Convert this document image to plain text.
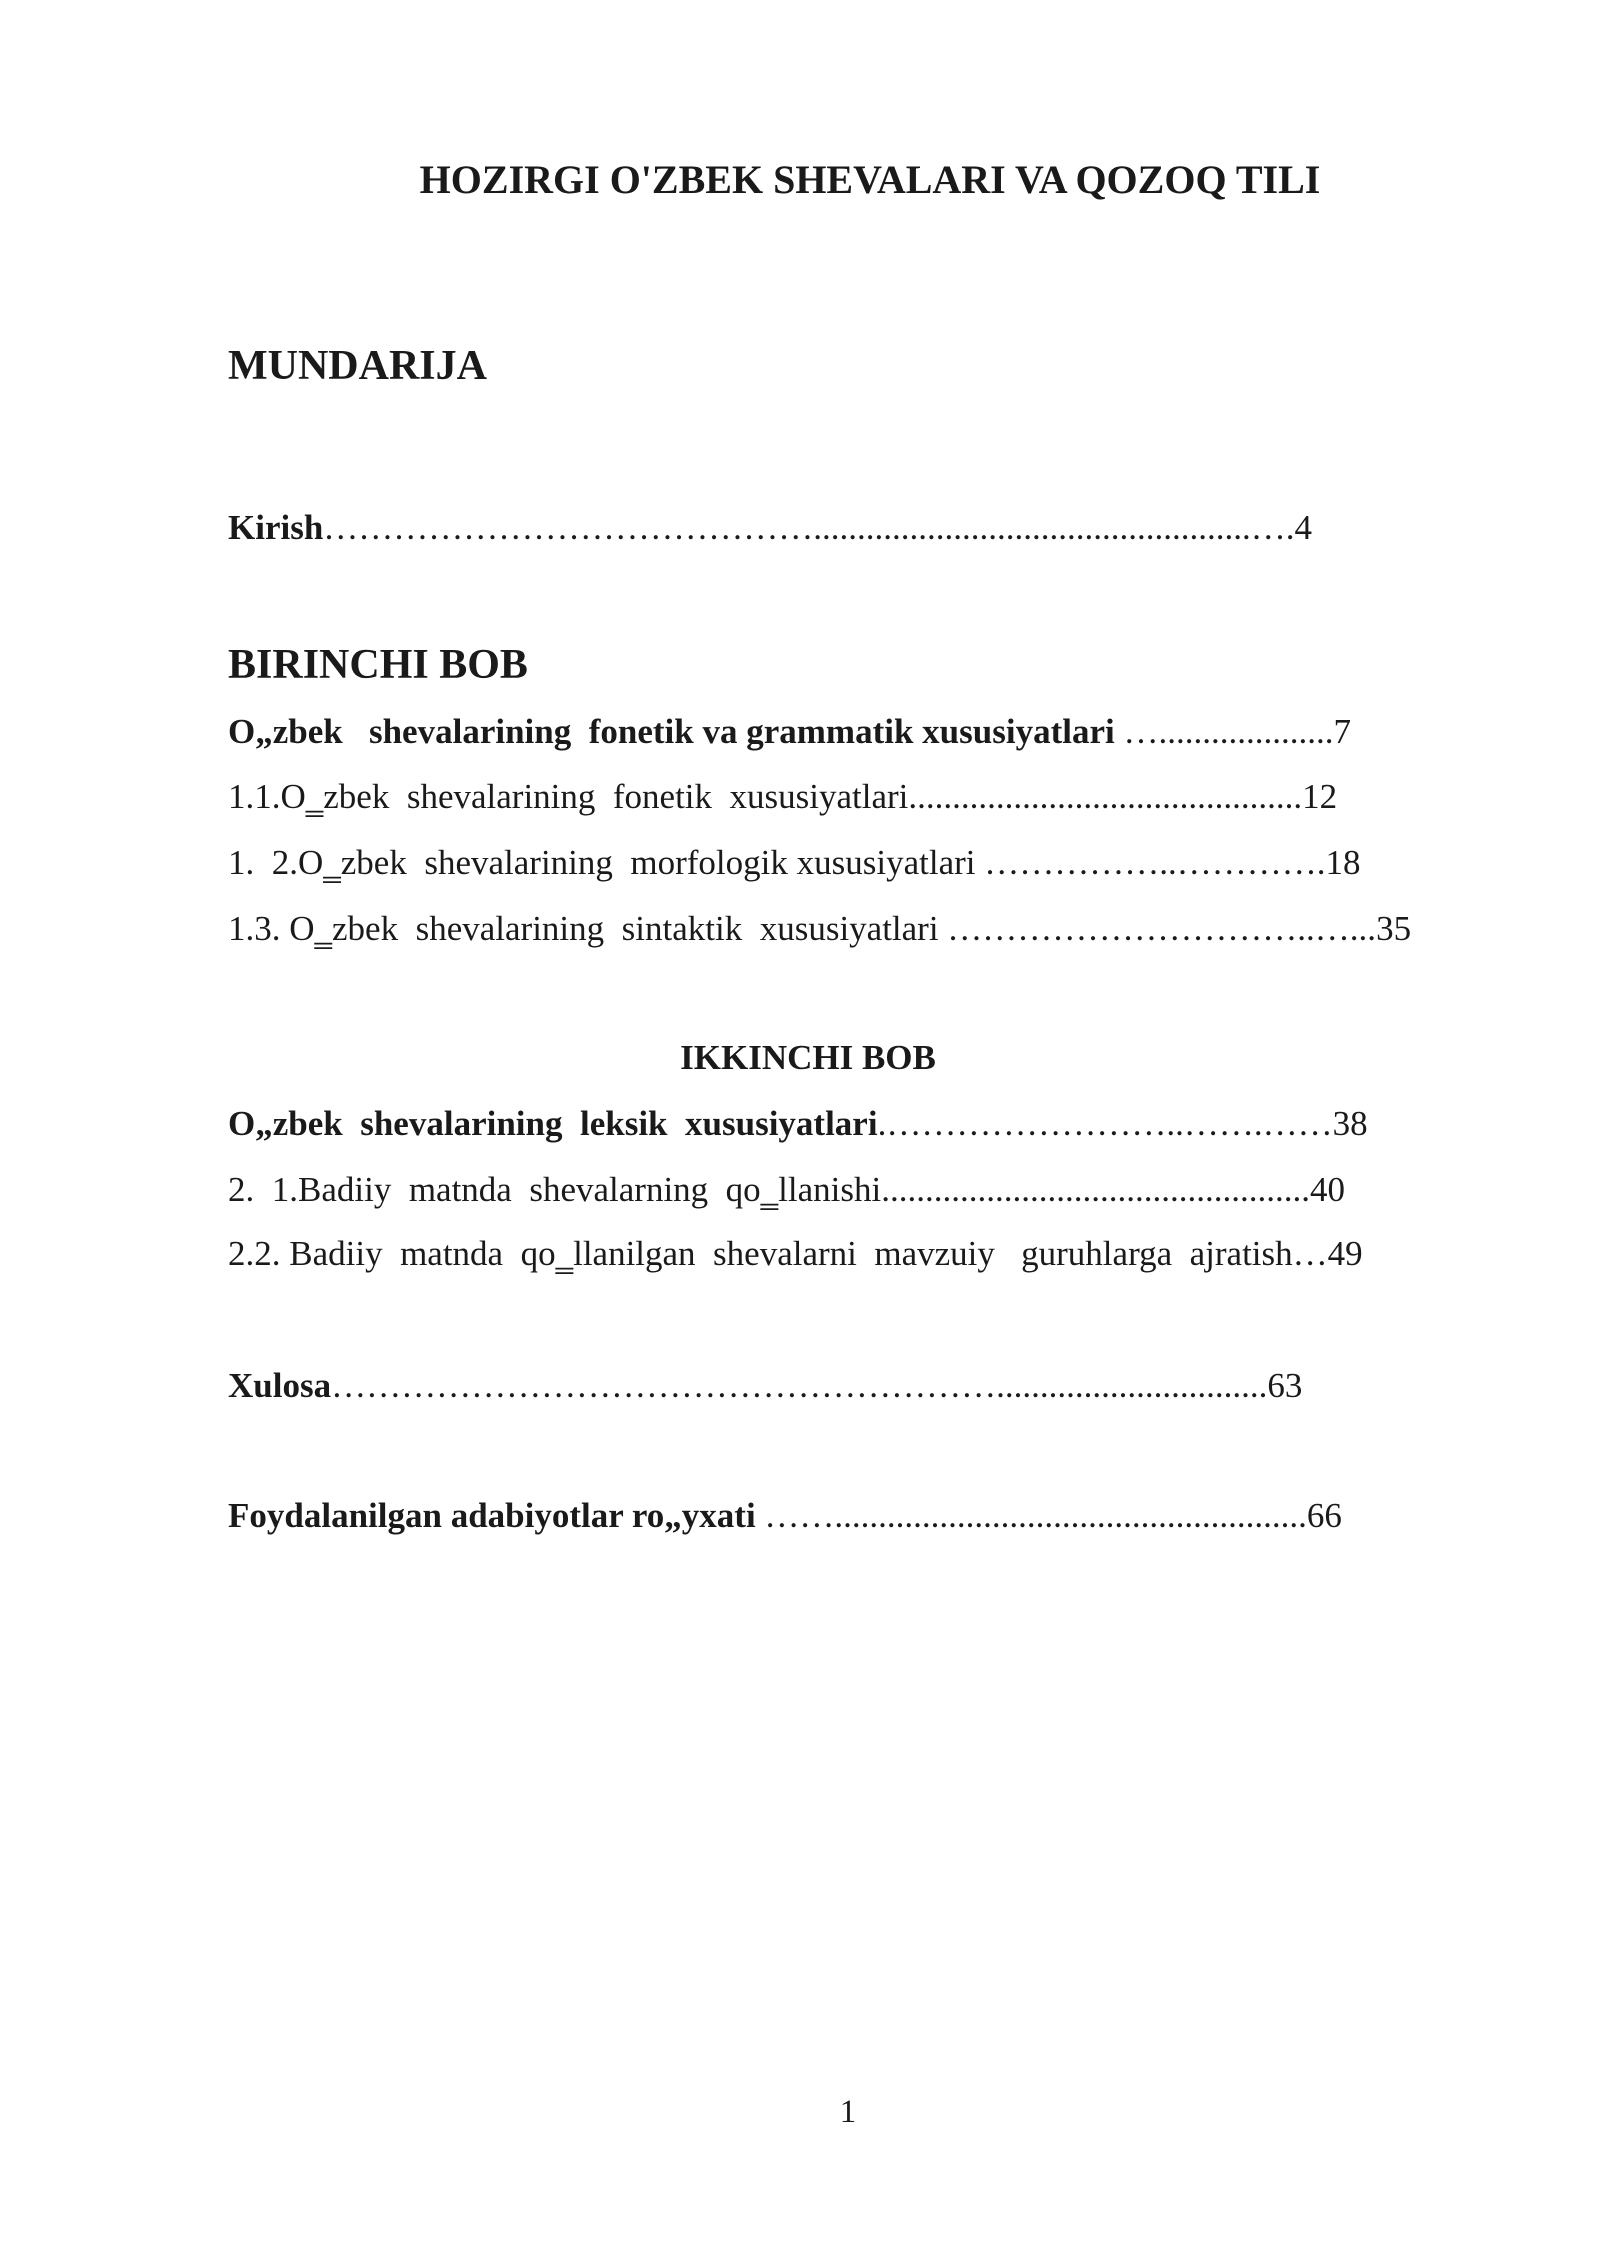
HOZIRGI O'ZBEK SHEVALARI VA QOZOQ TILI
MUNDARIJA
Kirish……………………………………..................................................….4
BIRINCHI BOB
O„zbek   shevalarining  fonetik va grammatik xususiyatlari …....................7
1.1.O‗zbek  shevalarining  fonetik  xususiyatlari.............................................12
1.  2.O‗zbek  shevalarining  morfologik xususiyatlari ……………..………….18
1.3. O‗zbek  shevalarining  sintaktik  xususiyatlari …………………………..…...35
IKKINCHI BOB
O„zbek  shevalarining  leksik  xususiyatlari.……………………..…….……38
2.  1.Badiiy  matnda  shevalarning  qo‗llanishi.................................................40
2.2. Badiiy  matnda  qo‗llanilgan  shevalarni  mavzuiy   guruhlarga  ajratish…49
Xulosa…………………………………………………...............................63
Foydalanilgan adabiyotlar ro„yxati ……......................................................66
1
